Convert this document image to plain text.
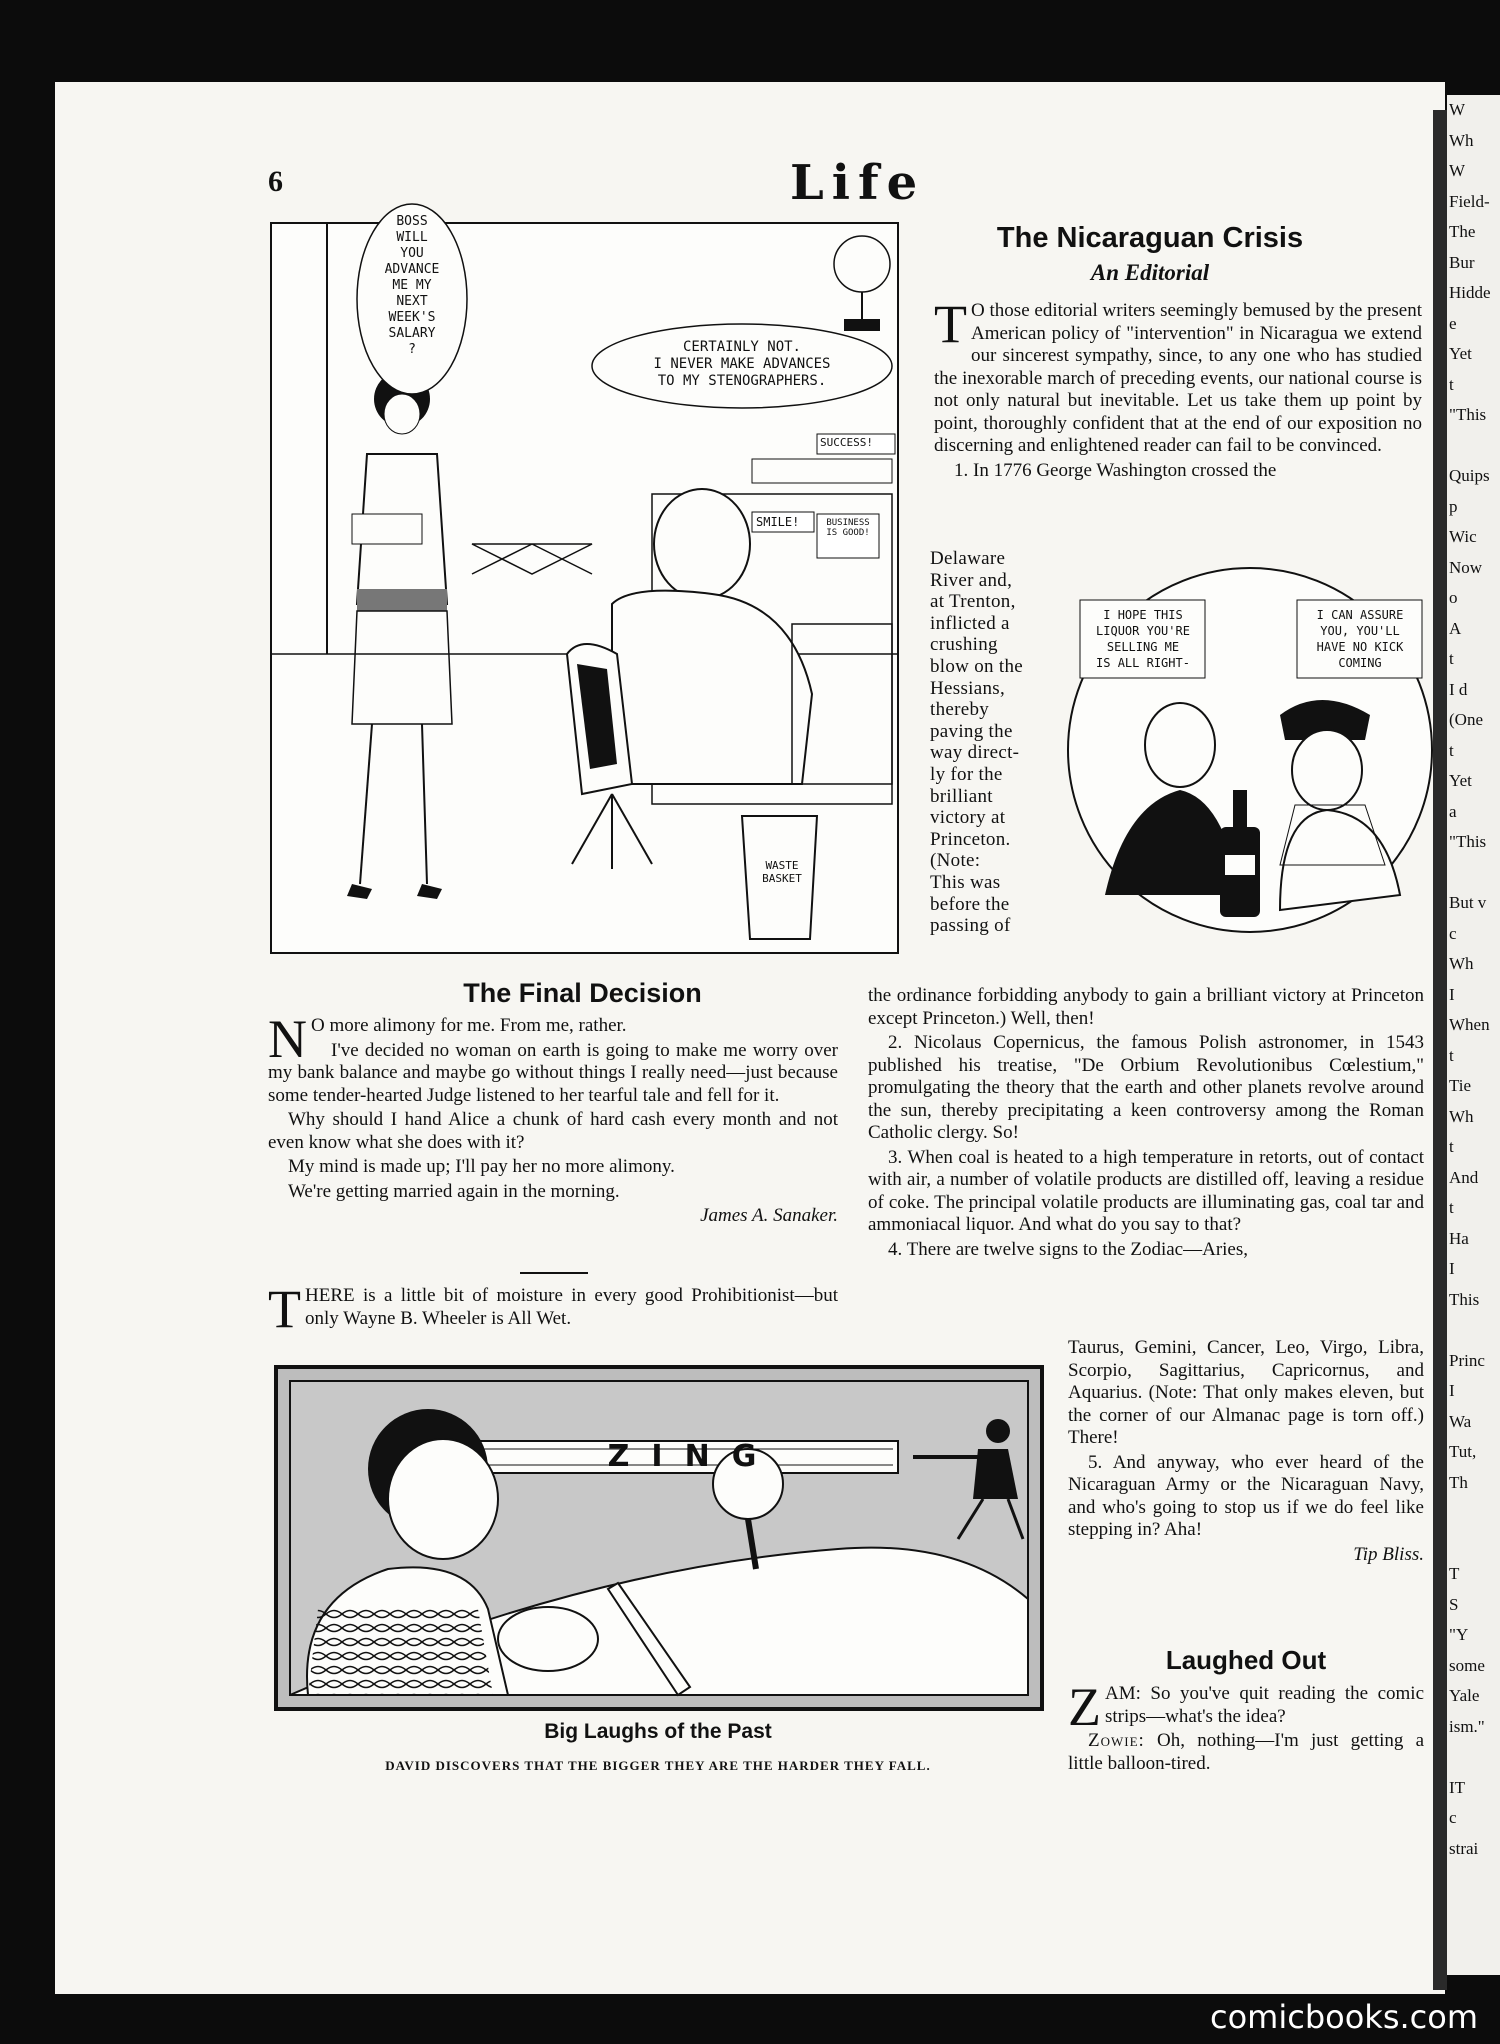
W
Wh
W
Field-
The
Bur
Hidde
e
Yet
t
"This

Quips
p
Wic
Now
o
A
t
I d
(One
t
Yet
a
"This

But v
c
Wh
I
When
t
Tie
Wh
t
And
t
Ha
I
This

Princ
I
Wa
Tut,
Th

T
S
"Y
some
Yale
ism."

IT
c
strai
6	Life
BOSS
WILL
YOU
ADVANCE
ME MY
NEXT
WEEK'S
SALARY
?	CERTAINLY NOT.
I NEVER MAKE ADVANCES
TO MY STENOGRAPHERS.
SUCCESS!
SMILE!	BUSINESS IS GOOD!
WASTE BASKET
The Final Decision

N O more alimony for me. From me, rather.

I've decided no woman on earth is going to make me worry over my bank balance and maybe go without things I really need—just because some tender-hearted Judge listened to her tearful tale and fell for it.

Why should I hand Alice a chunk of hard cash every month and not even know what she does with it?

My mind is made up; I'll pay her no more alimony.

We're getting married again in the morning.

James A. Sanaker.

THERE is a little bit of moisture in every good Prohibitionist—but only Wayne B. Wheeler is All Wet.

The Nicaraguan Crisis
An Editorial

T O those editorial writers seemingly bemused by the present American policy of "intervention" in Nicaragua we extend our sincerest sympathy, since, to any one who has studied the inexorable march of preceding events, our national course is not only natural but inevitable. Let us take them up point by point, thoroughly confident that at the end of our exposition no discerning and enlightened reader can fail to be convinced.

1. In 1776 George Washington crossed the

Delaware
River and,
at Trenton,
inflicted a
crushing
blow on the
Hessians,
thereby
paving the
way direct-
ly for the
brilliant
victory at
Princeton.
(Note:
This was
before the
passing of
I HOPE THIS
LIQUOR YOU'RE
SELLING ME
IS ALL RIGHT-
I CAN ASSURE
YOU, YOU'LL
HAVE NO KICK
COMING

the ordinance forbidding anybody to gain a brilliant victory at Princeton except Princeton.) Well, then!

2. Nicolaus Copernicus, the famous Polish astronomer, in 1543 published his treatise, "De Orbium Revolutionibus Cœlestium," promulgating the theory that the earth and other planets revolve around the sun, thereby precipitating a keen controversy among the Roman Catholic clergy. So!

3. When coal is heated to a high temperature in retorts, out of contact with air, a number of volatile products are distilled off, leaving a residue of coke. The principal volatile products are illuminating gas, coal tar and ammoniacal liquor. And what do you say to that?

4. There are twelve signs to the Zodiac—Aries,

Taurus, Gemini, Cancer, Leo, Virgo, Libra, Scorpio, Sagittarius, Capricornus, and Aquarius. (Note: That only makes eleven, but the corner of our Almanac page is torn off.) There!

5. And anyway, who ever heard of the Nicaraguan Army or the Nicaraguan Navy, and who's going to stop us if we do feel like stepping in? Aha!

Tip Bliss.

ZING
Big Laughs of the Past
DAVID DISCOVERS THAT THE BIGGER THEY ARE THE HARDER THEY FALL.
Laughed Out

ZAM: So you've quit reading the comic strips—what's the idea?

Zowie: Oh, nothing—I'm just getting a little balloon-tired.

comicbooks.com
